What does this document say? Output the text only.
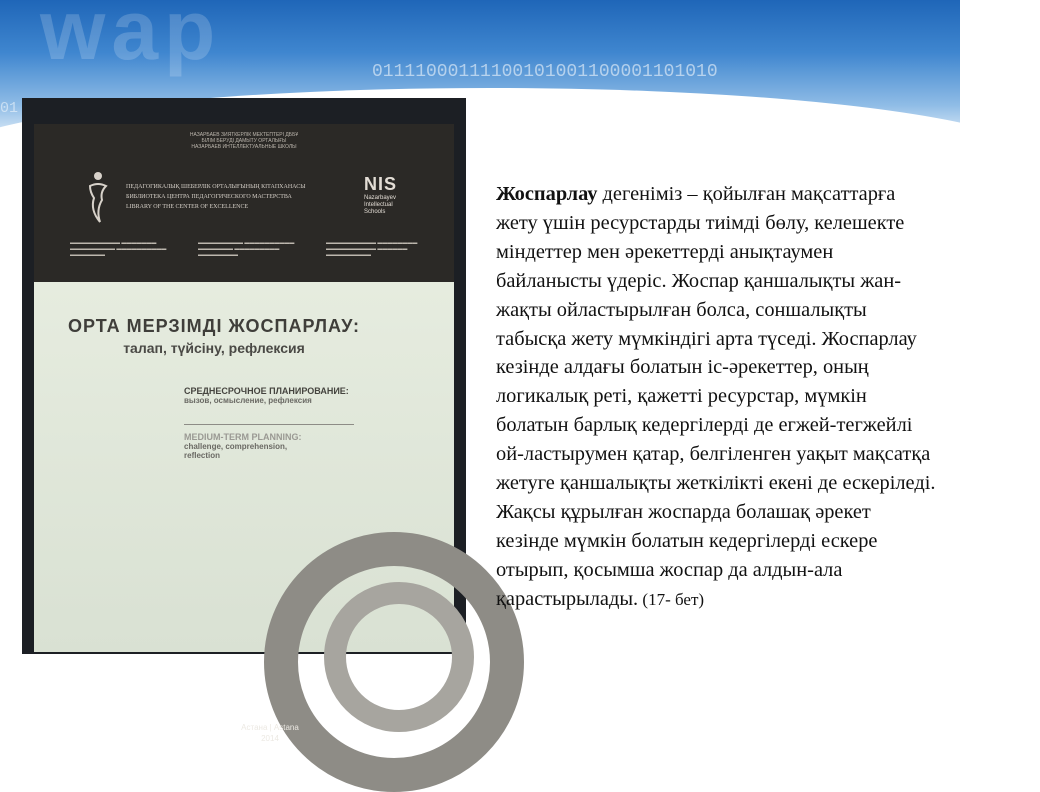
wap	01111000111100101001100001101010
01
НАЗАРБАЕВ ЗИЯТКЕРЛІК МЕКТЕПТЕРІ ДББҰ
БІЛІМ БЕРУДІ ДАМЫТУ ОРТАЛЫҒЫ
НАЗАРБАЕВ ИНТЕЛЛЕКТУАЛЬНЫЕ ШКОЛЫ
ПЕДАГОГИКАЛЫҚ ШЕБЕРЛІК ОРТАЛЫҒЫНЫҢ КІТАПХАНАСЫ
БИБЛИОТЕКА ЦЕНТРА ПЕДАГОГИЧЕСКОГО МАСТЕРСТВА
LIBRARY OF THE CENTER OF EXCELLENCE
NIS
Nazarbayev
Intellectual
Schools
▬▬▬▬▬▬▬▬▬▬ ▬▬▬▬▬▬▬ ▬▬▬▬▬▬▬▬▬ ▬▬▬▬▬▬▬▬▬▬ ▬▬▬▬▬▬▬
▬▬▬▬▬▬▬▬▬ ▬▬▬▬▬▬▬▬▬▬ ▬▬▬▬▬▬▬ ▬▬▬▬▬▬▬▬▬ ▬▬▬▬▬▬▬▬
▬▬▬▬▬▬▬▬▬▬ ▬▬▬▬▬▬▬▬ ▬▬▬▬▬▬▬▬▬▬ ▬▬▬▬▬▬ ▬▬▬▬▬▬▬▬▬
ОРТА МЕРЗІМДІ ЖОСПАРЛАУ:
талап, түйсіну, рефлексия
СРЕДНЕСРОЧНОЕ ПЛАНИРОВАНИЕ:
вызов, осмысление, рефлексия
MEDIUM-TERM PLANNING:
challenge, comprehension,
reflection
Астана | Astana
2014
Жоспарлау дегеніміз – қойылған мақсаттарға жету үшін ресурстарды тиімді бөлу, келешекте міндеттер мен әрекеттерді анықтаумен байланысты үдеріс. Жоспар қаншалықты жан-жақты ойластырылған болса, соншалықты табысқа жету мүмкіндігі арта түседі. Жоспарлау кезінде алдағы болатын іс-әрекеттер, оның логикалық реті, қажетті ресурстар, мүмкін болатын барлық кедергілерді де егжей-тегжейлі ой-ластырумен қатар, белгіленген уақыт мақсатқа жетуге қаншалықты жеткілікті екені де ескеріледі. Жақсы құрылған жоспарда болашақ әрекет кезінде мүмкін болатын кедергілерді ескере отырып, қосымша жоспар да алдын-ала қарастырылады. (17- бет)
